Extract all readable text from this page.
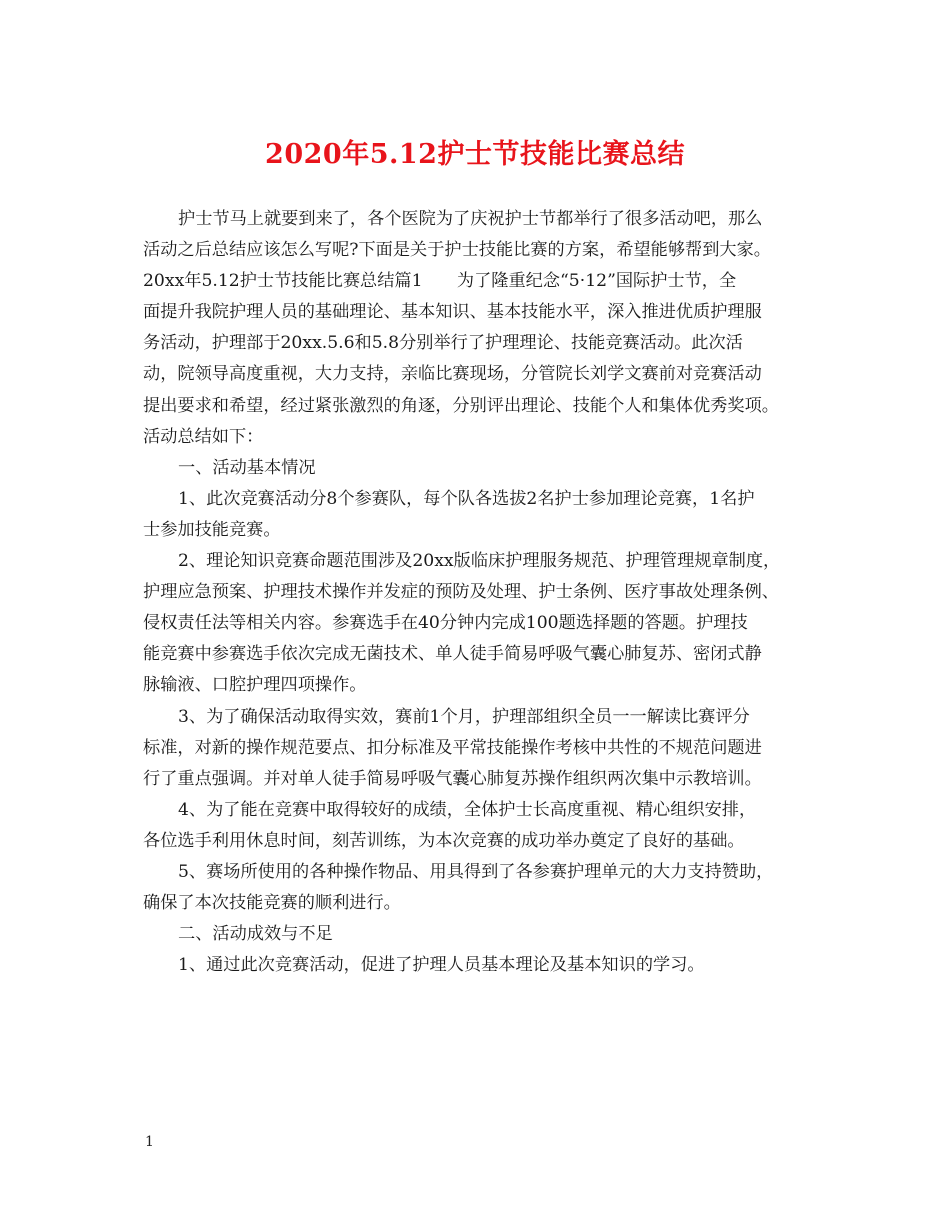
2020年5.12护士节技能比赛总结
护士节马上就要到来了，各个医院为了庆祝护士节都举行了很多活动吧，那么
活动之后总结应该怎么写呢?下面是关于护士技能比赛的方案，希望能够帮到大家。
20xx年5.12护士节技能比赛总结篇1　　为了隆重纪念“5·12”国际护士节，全
面提升我院护理人员的基础理论、基本知识、基本技能水平，深入推进优质护理服
务活动，护理部于20xx.5.6和5.8分别举行了护理理论、技能竞赛活动。此次活
动，院领导高度重视，大力支持，亲临比赛现场，分管院长刘学文赛前对竞赛活动
提出要求和希望，经过紧张激烈的角逐，分别评出理论、技能个人和集体优秀奖项。
活动总结如下：
一、活动基本情况
1、此次竞赛活动分8个参赛队，每个队各选拔2名护士参加理论竞赛，1名护
士参加技能竞赛。
2、理论知识竞赛命题范围涉及20xx版临床护理服务规范、护理管理规章制度，
护理应急预案、护理技术操作并发症的预防及处理、护士条例、医疗事故处理条例、
侵权责任法等相关内容。参赛选手在40分钟内完成100题选择题的答题。护理技
能竞赛中参赛选手依次完成无菌技术、单人徒手简易呼吸气囊心肺复苏、密闭式静
脉输液、口腔护理四项操作。
3、为了确保活动取得实效，赛前1个月，护理部组织全员一一解读比赛评分
标准，对新的操作规范要点、扣分标准及平常技能操作考核中共性的不规范问题进
行了重点强调。并对单人徒手简易呼吸气囊心肺复苏操作组织两次集中示教培训。
4、为了能在竞赛中取得较好的成绩，全体护士长高度重视、精心组织安排，
各位选手利用休息时间，刻苦训练，为本次竞赛的成功举办奠定了良好的基础。
5、赛场所使用的各种操作物品、用具得到了各参赛护理单元的大力支持赞助，
确保了本次技能竞赛的顺利进行。
二、活动成效与不足
1、通过此次竞赛活动，促进了护理人员基本理论及基本知识的学习。
1
